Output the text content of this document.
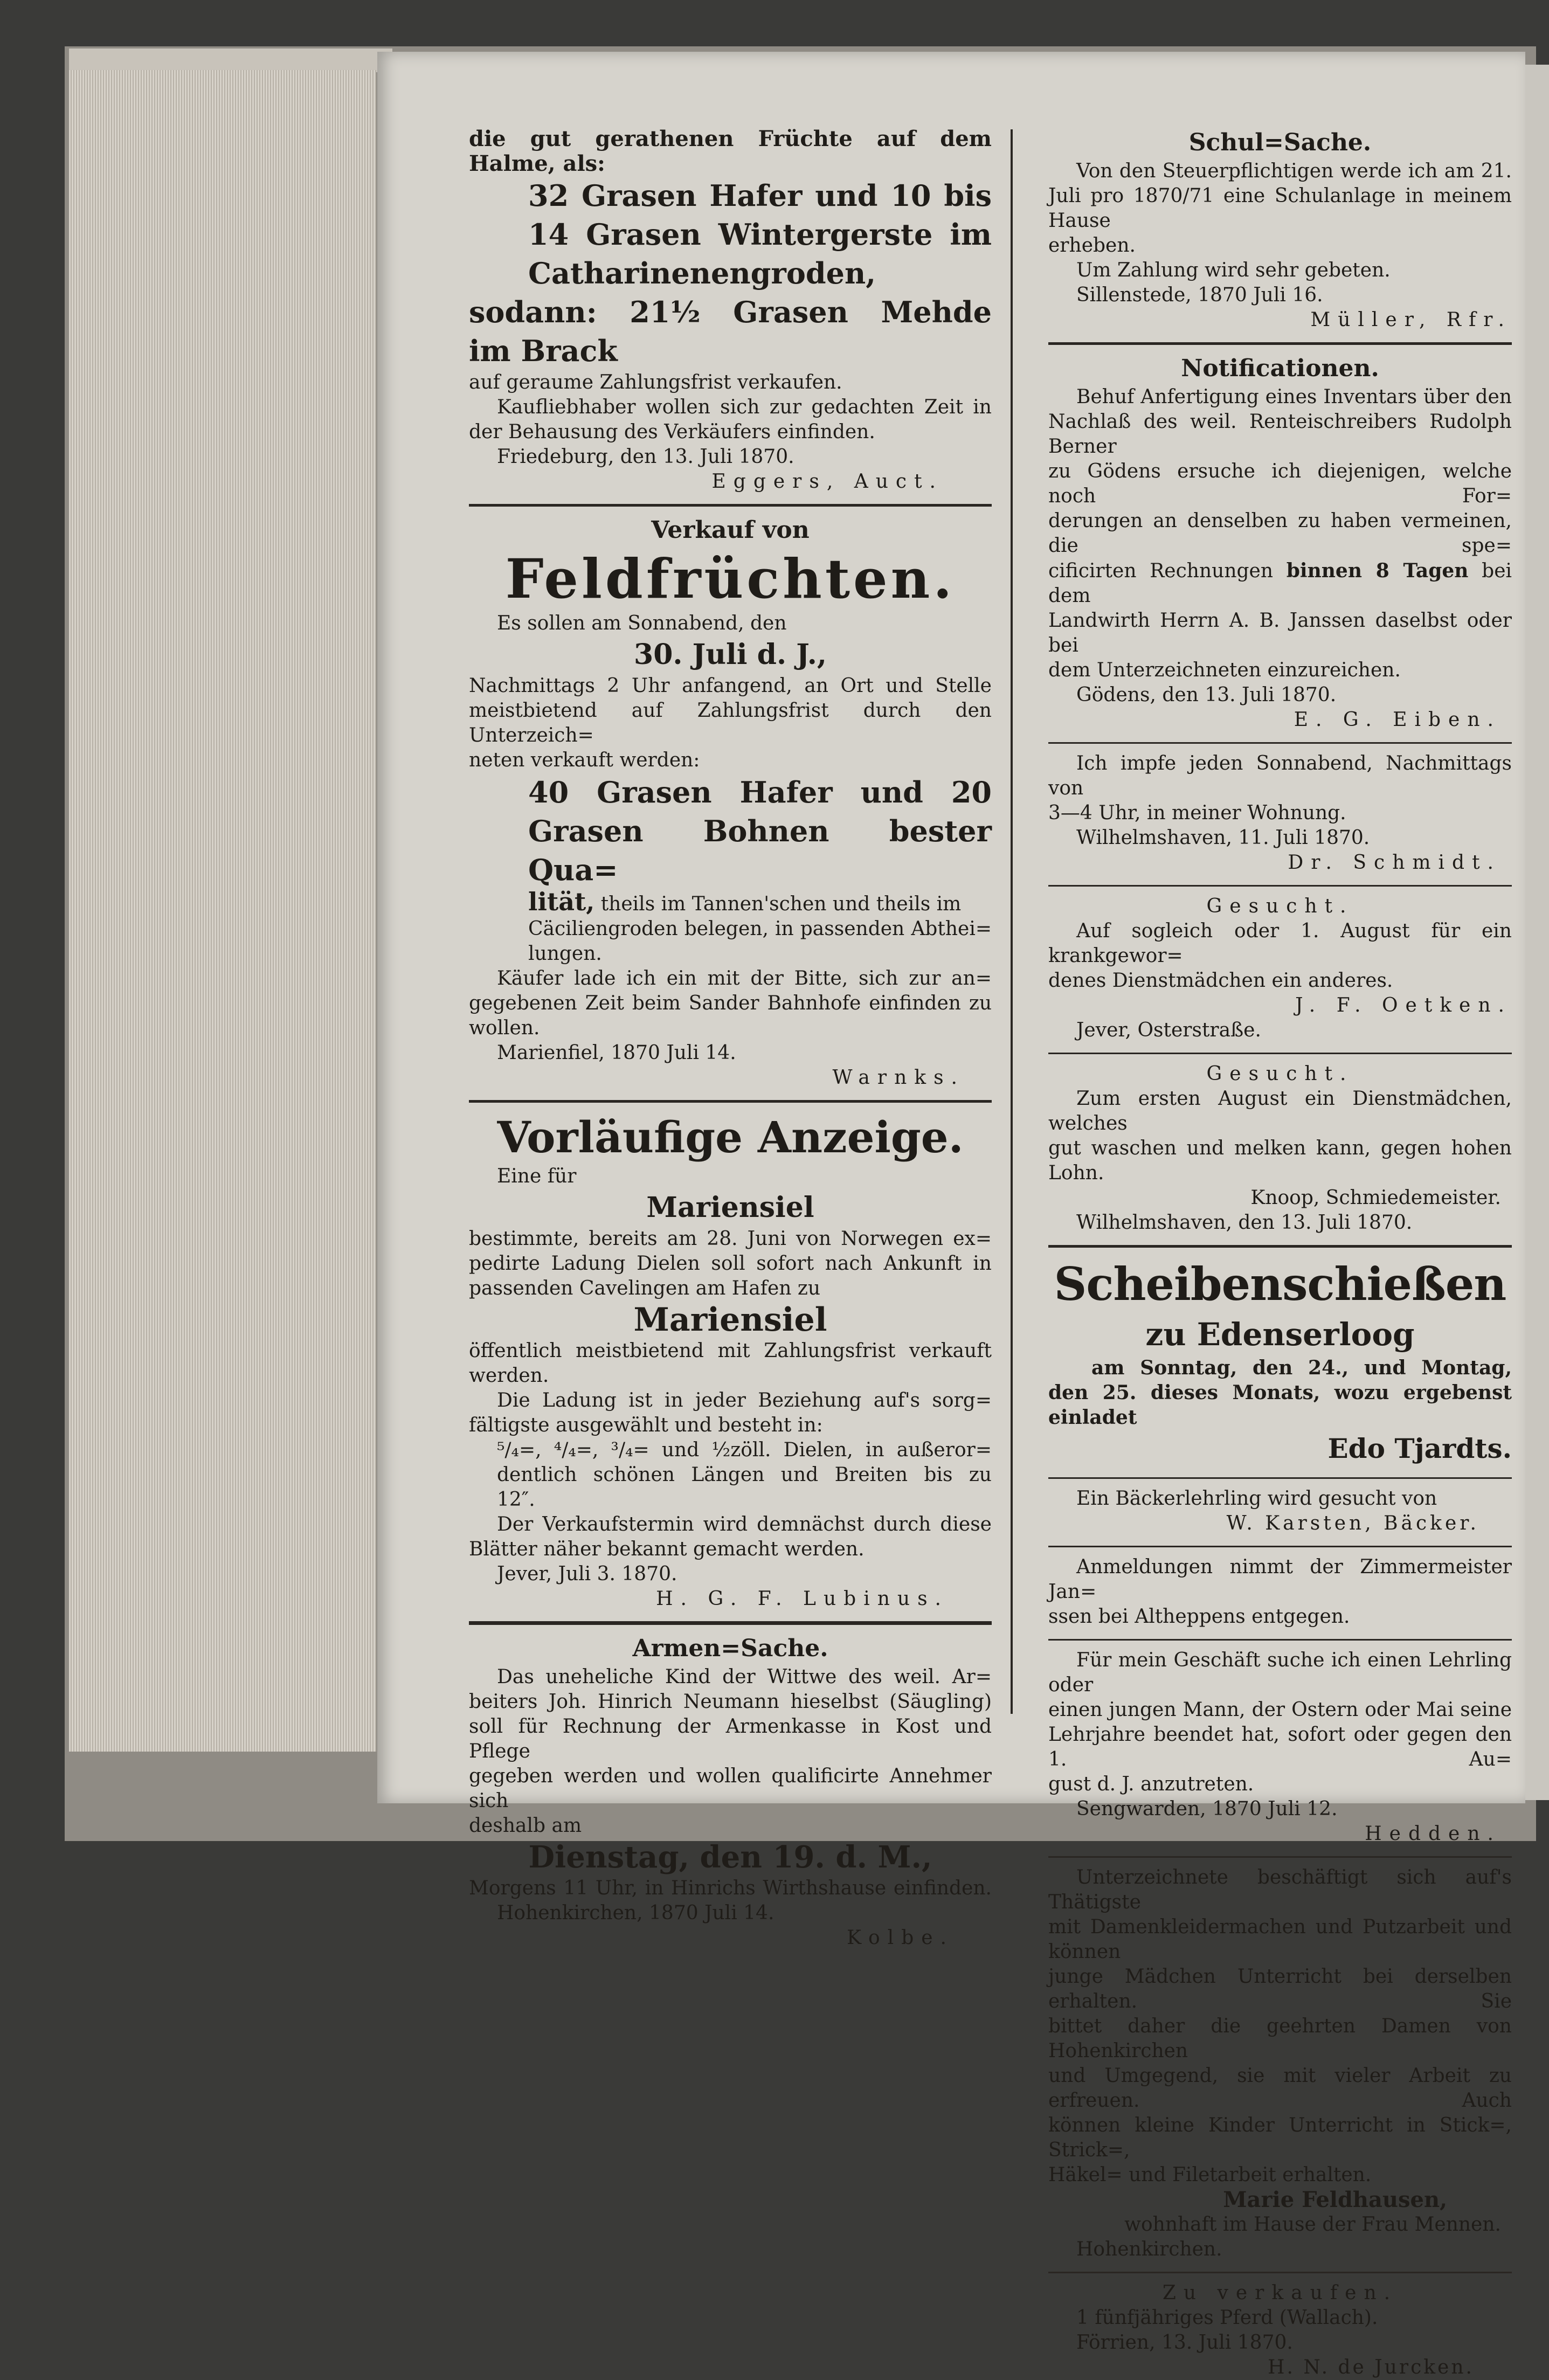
die gut gerathenen Früchte auf dem

Halme, als:

32 Grasen Hafer und 10 bis

14 Grasen Wintergerste im

Catharinenengroden,

sodann: 21½ Grasen Mehde

im Brack

auf geraume Zahlungsfrist verkaufen.

Kaufliebhaber wollen sich zur gedachten Zeit in

der Behausung des Verkäufers einfinden.

Friedeburg, den 13. Juli 1870.

Eggers, Auct.

Verkauf von

Feldfrüchten.

Es sollen am Sonnabend, den

30. Juli d. J.,

Nachmittags 2 Uhr anfangend, an Ort und Stelle

meistbietend auf Zahlungsfrist durch den Unterzeich=

neten verkauft werden:

40 Grasen Hafer und 20

Grasen Bohnen bester Qua=

lität, theils im Tannen'schen und theils im

Cäciliengroden belegen, in passenden Abthei=

lungen.

Käufer lade ich ein mit der Bitte, sich zur an=

gegebenen Zeit beim Sander Bahnhofe einfinden zu

wollen.

Marienfiel, 1870 Juli 14.

Warnks.

Vorläufige Anzeige.

Eine für

Mariensiel

bestimmte, bereits am 28. Juni von Norwegen ex=

pedirte Ladung Dielen soll sofort nach Ankunft in

passenden Cavelingen am Hafen zu

Mariensiel

öffentlich meistbietend mit Zahlungsfrist verkauft

werden.

Die Ladung ist in jeder Beziehung auf's sorg=

fältigste ausgewählt und besteht in:

⁵/₄=, ⁴/₄=, ³/₄= und ½zöll. Dielen, in außeror=

dentlich schönen Längen und Breiten bis zu

12″.

Der Verkaufstermin wird demnächst durch diese

Blätter näher bekannt gemacht werden.

Jever, Juli 3. 1870.

H. G. F. Lubinus.

Armen=Sache.

Das uneheliche Kind der Wittwe des weil. Ar=

beiters Joh. Hinrich Neumann hieselbst (Säugling)

soll für Rechnung der Armenkasse in Kost und Pflege

gegeben werden und wollen qualificirte Annehmer sich

deshalb am

Dienstag, den 19. d. M.,

Morgens 11 Uhr, in Hinrichs Wirthshause einfinden.

Hohenkirchen, 1870 Juli 14.

Kolbe.

Schul=Sache.

Von den Steuerpflichtigen werde ich am 21.

Juli pro 1870/71 eine Schulanlage in meinem Hause

erheben.

Um Zahlung wird sehr gebeten.

Sillenstede, 1870 Juli 16.

Müller, Rfr.

Notificationen.

Behuf Anfertigung eines Inventars über den

Nachlaß des weil. Renteischreibers Rudolph Berner

zu Gödens ersuche ich diejenigen, welche noch For=

derungen an denselben zu haben vermeinen, die spe=

cificirten Rechnungen binnen 8 Tagen bei dem

Landwirth Herrn A. B. Janssen daselbst oder bei

dem Unterzeichneten einzureichen.

Gödens, den 13. Juli 1870.

E. G. Eiben.

Ich impfe jeden Sonnabend, Nachmittags von

3—4 Uhr, in meiner Wohnung.

Wilhelmshaven, 11. Juli 1870.

Dr. Schmidt.

Gesucht.

Auf sogleich oder 1. August für ein krankgewor=

denes Dienstmädchen ein anderes.

J. F. Oetken.

Jever, Osterstraße.

Gesucht.

Zum ersten August ein Dienstmädchen, welches

gut waschen und melken kann, gegen hohen Lohn.

Knoop, Schmiedemeister.

Wilhelmshaven, den 13. Juli 1870.

Scheibenschießen

zu Edenserloog

am Sonntag, den 24., und Montag,

den 25. dieses Monats, wozu ergebenst einladet

Edo Tjardts.

Ein Bäckerlehrling wird gesucht von

W. Karsten, Bäcker.

Anmeldungen nimmt der Zimmermeister Jan=

ssen bei Altheppens entgegen.

Für mein Geschäft suche ich einen Lehrling oder

einen jungen Mann, der Ostern oder Mai seine

Lehrjahre beendet hat, sofort oder gegen den 1. Au=

gust d. J. anzutreten.

Sengwarden, 1870 Juli 12.

Hedden.

Unterzeichnete beschäftigt sich auf's Thätigste

mit Damenkleidermachen und Putzarbeit und können

junge Mädchen Unterricht bei derselben erhalten. Sie

bittet daher die geehrten Damen von Hohenkirchen

und Umgegend, sie mit vieler Arbeit zu erfreuen. Auch

können kleine Kinder Unterricht in Stick=, Strick=,

Häkel= und Filetarbeit erhalten.

Marie Feldhausen,

wohnhaft im Hause der Frau Mennen.

Hohenkirchen.

Zu verkaufen.

1 fünfjähriges Pferd (Wallach).

Förrien, 13. Juli 1870.

H. N. de Jurcken.
